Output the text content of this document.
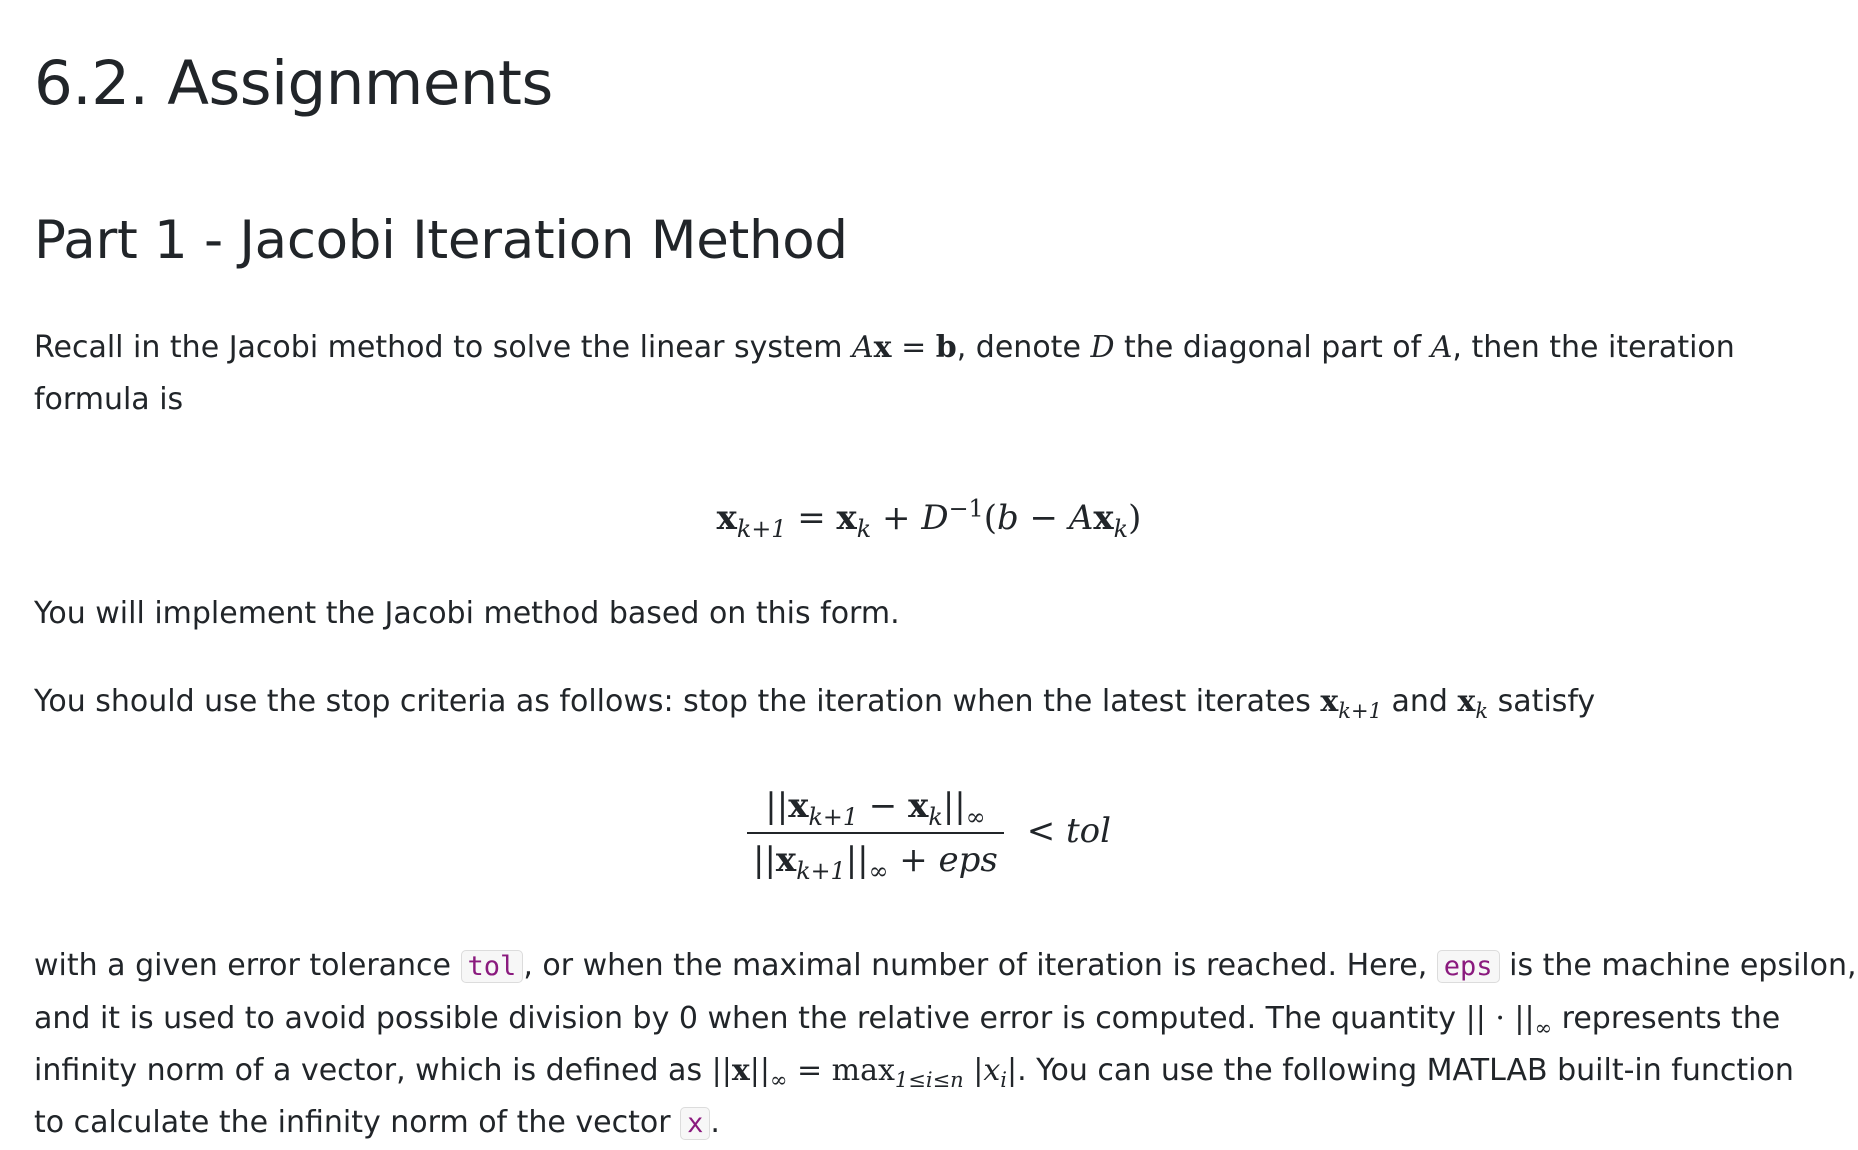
6.2. Assignments
Part 1 - Jacobi Iteration Method
Recall in the Jacobi method to solve the linear system Ax = b, denote D the diagonal part of A, then the iteration
formula is
$x_{k+1} = x_k + D^{-1}(b - Ax_k)$
You will implement the Jacobi method based on this form.
You should use the stop criteria as follows: stop the iteration when the latest iterates $x_{k+1}$ and $x_k$ satisfy
$\frac{||x_{k+1} - x_k||_\infty}{||x_{k+1}||_\infty + eps}$ < tol
with a given error tolerance tol , or when the maximal number of iteration is reached. Here, eps is the machine epsilon,
and it is used to avoid possible division by 0 when the relative error is computed. The quantity || · $||_\infty$ represents the
infinity norm of a vector, which is defined as $||x||_\infty = \max_{1\le i\le n} |x_i|$. You can use the following MATLAB built-in function
to calculate the infinity norm of the vector x .
